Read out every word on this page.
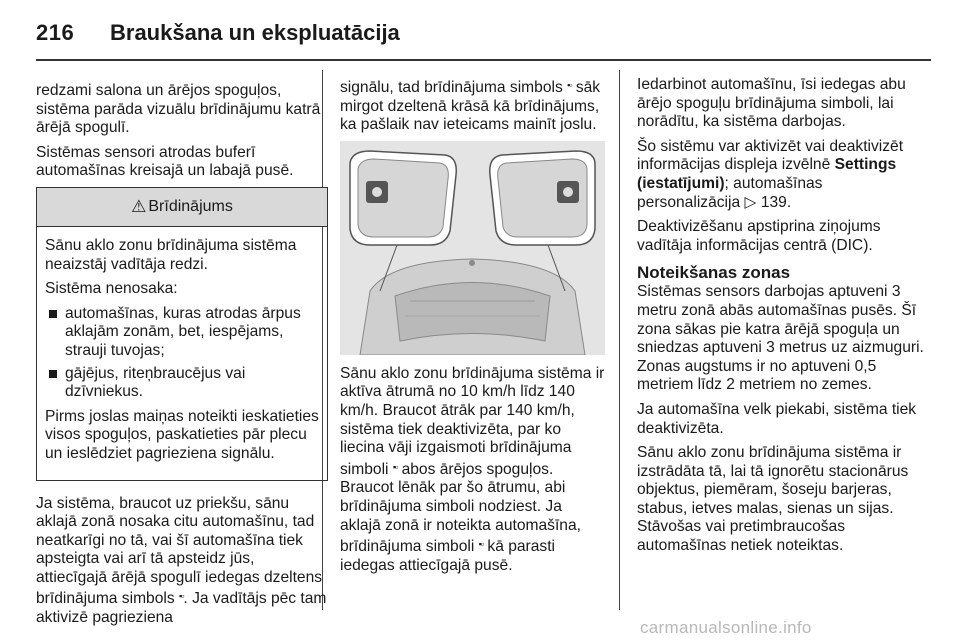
216 Braukšana un ekspluatācija

redzami salona un ārējos spoguļos, sistēma parāda vizuālu brīdinājumu katrā ārējā spogulī.

Sistēmas sensori atrodas buferī automašīnas kreisajā un labajā pusē.

⚠ Brīdinājums

Sānu aklo zonu brīdinājuma sistēma neaizstāj vadītāja redzi.

Sistēma nenosaka:

automašīnas, kuras atrodas ārpus aklajām zonām, bet, iespējams, strauji tuvojas;
gājējus, riteņbraucējus vai dzīvniekus.

Pirms joslas maiņas noteikti ieskatieties visos spoguļos, paskatieties pār plecu un ieslēdziet pagrieziena signālu.

Ja sistēma, braucot uz priekšu, sānu aklajā zonā nosaka citu automašīnu, tad neatkarīgi no tā, vai šī automašīna tiek apsteigta vai arī tā apsteidz jūs, attiecīgajā ārējā spogulī iedegas dzeltens brīdinājuma simbols ▪▫. Ja vadītājs pēc tam aktivizē pagrieziena

signālu, tad brīdinājuma simbols ▪▫ sāk mirgot dzeltenā krāsā kā brīdinājums, ka pašlaik nav ieteicams mainīt joslu.

Sānu aklo zonu brīdinājuma sistēma ir aktīva ātrumā no 10 km/h līdz 140 km/h. Braucot ātrāk par 140 km/h, sistēma tiek deaktivizēta, par ko liecina vāji izgaismoti brīdinājuma simboli ▪▫ abos ārējos spoguļos. Braucot lēnāk par šo ātrumu, abi brīdinājuma simboli nodziest. Ja aklajā zonā ir noteikta automašīna, brīdinājuma simboli ▪▫ kā parasti iedegas attiecīgajā pusē.

Iedarbinot automašīnu, īsi iedegas abu ārējo spoguļu brīdinājuma simboli, lai norādītu, ka sistēma darbojas.

Šo sistēmu var aktivizēt vai deaktivizēt informācijas displeja izvēlnē Settings (iestatījumi); automašīnas personalizācija ▷ 139.

Deaktivizēšanu apstiprina ziņojums vadītāja informācijas centrā (DIC).

Noteikšanas zonas

Sistēmas sensors darbojas aptuveni 3 metru zonā abās automašīnas pusēs. Šī zona sākas pie katra ārējā spoguļa un sniedzas aptuveni 3 metrus uz aizmuguri. Zonas augstums ir no aptuveni 0,5 metriem līdz 2 metriem no zemes.

Ja automašīna velk piekabi, sistēma tiek deaktivizēta.

Sānu aklo zonu brīdinājuma sistēma ir izstrādāta tā, lai tā ignorētu stacionārus objektus, piemēram, šoseju barjeras, stabus, ietves malas, sienas un sijas. Stāvošas vai pretimbraucošas automašīnas netiek noteiktas.

carmanualsonline.info
